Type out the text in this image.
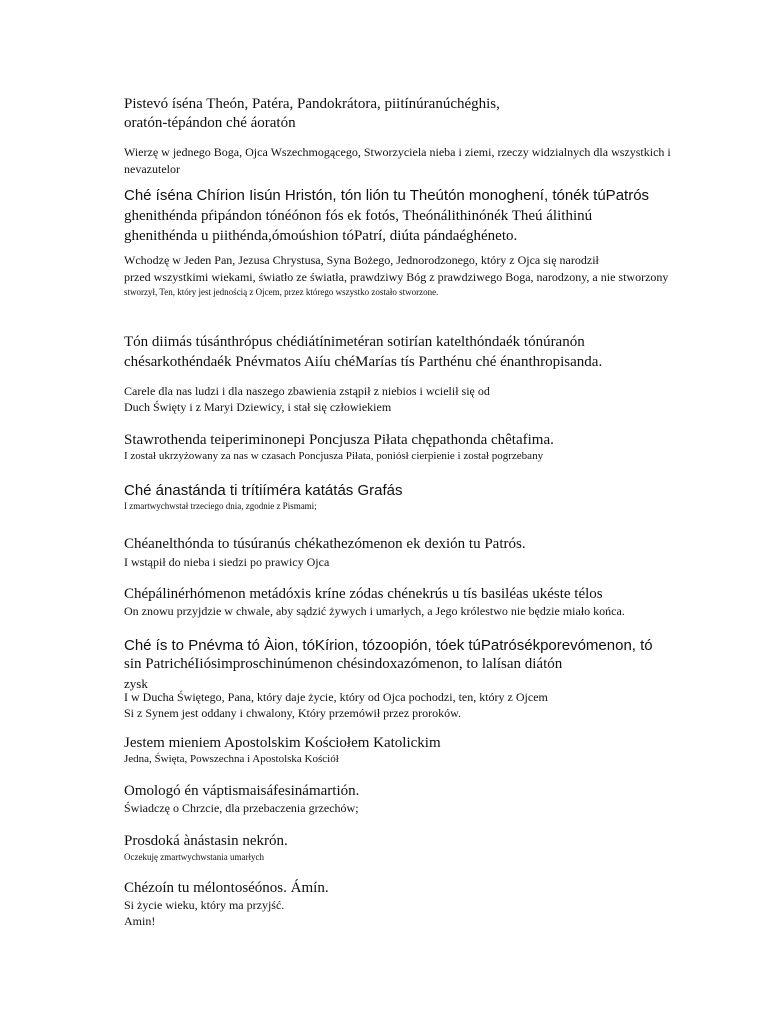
Pistevó íséna Theón, Patéra, Pandokrátora, piitínúranúchéghis,
oratón-tépándon ché áoratón
Wierzę w jednego Boga, Ojca Wszechmogącego, Stworzyciela nieba i ziemi, rzeczy widzialnych dla wszystkich i
nevazutelor
Ché íséna Chírion Iisún Hristón, tón lión tu Theútón monoghení, tónék túPatrós
ghenithénda pŕipándon tónéónon fós ek fotós, Theónálithinónék Theú álithinú
ghenithénda u piithénda,ómoúshion tóPatrí, diúta pándaéghéneto.
Wchodzę w Jeden Pan, Jezusa Chrystusa, Syna Bożego, Jednorodzonego, który z Ojca się narodził
przed wszystkimi wiekami, światło ze światła, prawdziwy Bóg z prawdziwego Boga, narodzony, a nie stworzony
stworzył, Ten, który jest jednością z Ojcem, przez którego wszystko zostało stworzone.
Tón diimás túsánthrópus chédiátínimetéran sotirían katelthóndaék tónúranón
chésarkothéndaék Pnévmatos Aiíu chéMarías tís Parthénu ché énanthropisanda.
Carele dla nas ludzi i dla naszego zbawienia zstąpił z niebios i wcielił się od
Duch Święty i z Maryi Dziewicy, i stał się człowiekiem
Stawrothenda teiperiminonepi Poncjusza Piłata chępathonda chêtafima.
I został ukrzyżowany za nas w czasach Poncjusza Piłata, poniósł cierpienie i został pogrzebany
Ché ánastánda ti trítiíméra katátás Grafás
I zmartwychwstał trzeciego dnia, zgodnie z Pismami;
Chéanelthónda to túsúranús chékathezómenon ek dexión tu Patrós.
I wstąpił do nieba i siedzi po prawicy Ojca
Chépálinérhómenon metádóxis kríne zódas chénekrús u tís basiléas ukéste télos
On znowu przyjdzie w chwale, aby sądzić żywych i umarłych, a Jego królestwo nie będzie miało końca.
Ché ís to Pnévma tó Àion, tóKírion, tózoopión, tóek túPatrósékporevómenon, tó
sin PatrichéIiósimproschinúmenon chésindoxazómenon, to lalísan diátón
zysk
I w Ducha Świętego, Pana, który daje życie, który od Ojca pochodzi, ten, który z Ojcem
Si z Synem jest oddany i chwalony, Który przemówił przez proroków.
Jestem mieniem Apostolskim Kościołem Katolickim
Jedna, Święta, Powszechna i Apostolska Kościół
Omologó én váptismaisáfesinámartión.
Świadczę o Chrzcie, dla przebaczenia grzechów;
Prosdoká ànástasin nekrón.
Oczekuję zmartwychwstania umarłych
Chézoín tu mélontoséónos. Ámín.
Si życie wieku, który ma przyjść.
Amin!
